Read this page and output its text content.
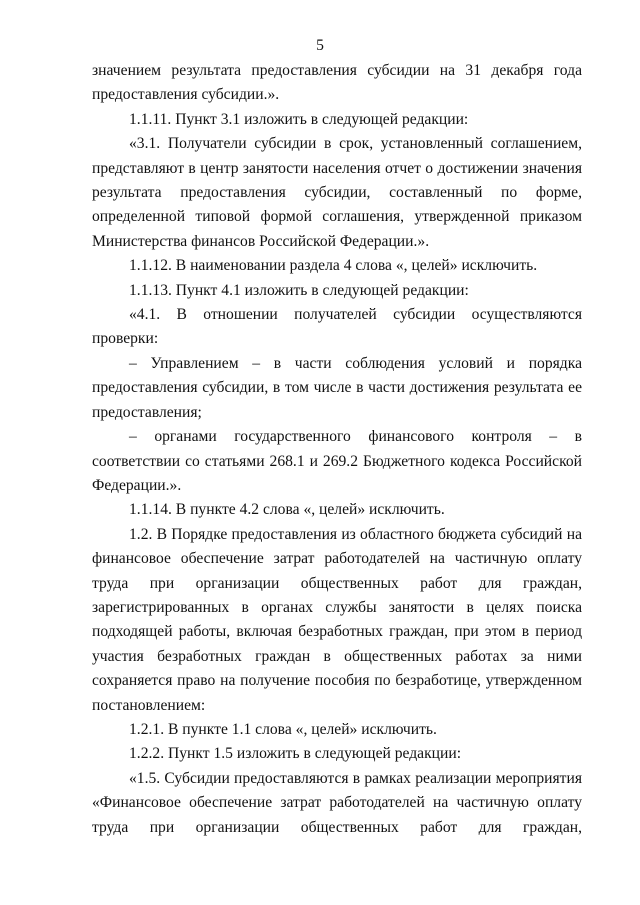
5

значением результата предоставления субсидии на 31 декабря года предоставления субсидии.».

1.1.11. Пункт 3.1 изложить в следующей редакции:

«3.1. Получатели субсидии в срок, установленный соглашением, представляют в центр занятости населения отчет о достижении значения результата предоставления субсидии, составленный по форме, определенной типовой формой соглашения, утвержденной приказом Министерства финансов Российской Федерации.».

1.1.12. В наименовании раздела 4 слова «, целей» исключить.

1.1.13. Пункт 4.1 изложить в следующей редакции:

«4.1. В отношении получателей субсидии осуществляются проверки:

– Управлением – в части соблюдения условий и порядка предоставления субсидии, в том числе в части достижения результата ее предоставления;

– органами государственного финансового контроля – в соответствии со статьями 268.1 и 269.2 Бюджетного кодекса Российской Федерации.».

1.1.14. В пункте 4.2 слова «, целей» исключить.

1.2. В Порядке предоставления из областного бюджета субсидий на финансовое обеспечение затрат работодателей на частичную оплату труда при организации общественных работ для граждан, зарегистрированных в органах службы занятости в целях поиска подходящей работы, включая безработных граждан, при этом в период участия безработных граждан в общественных работах за ними сохраняется право на получение пособия по безработице, утвержденном постановлением:

1.2.1. В пункте 1.1 слова «, целей» исключить.

1.2.2. Пункт 1.5 изложить в следующей редакции:

«1.5. Субсидии предоставляются в рамках реализации мероприятия «Финансовое обеспечение затрат работодателей на частичную оплату труда при организации общественных работ для граждан,
